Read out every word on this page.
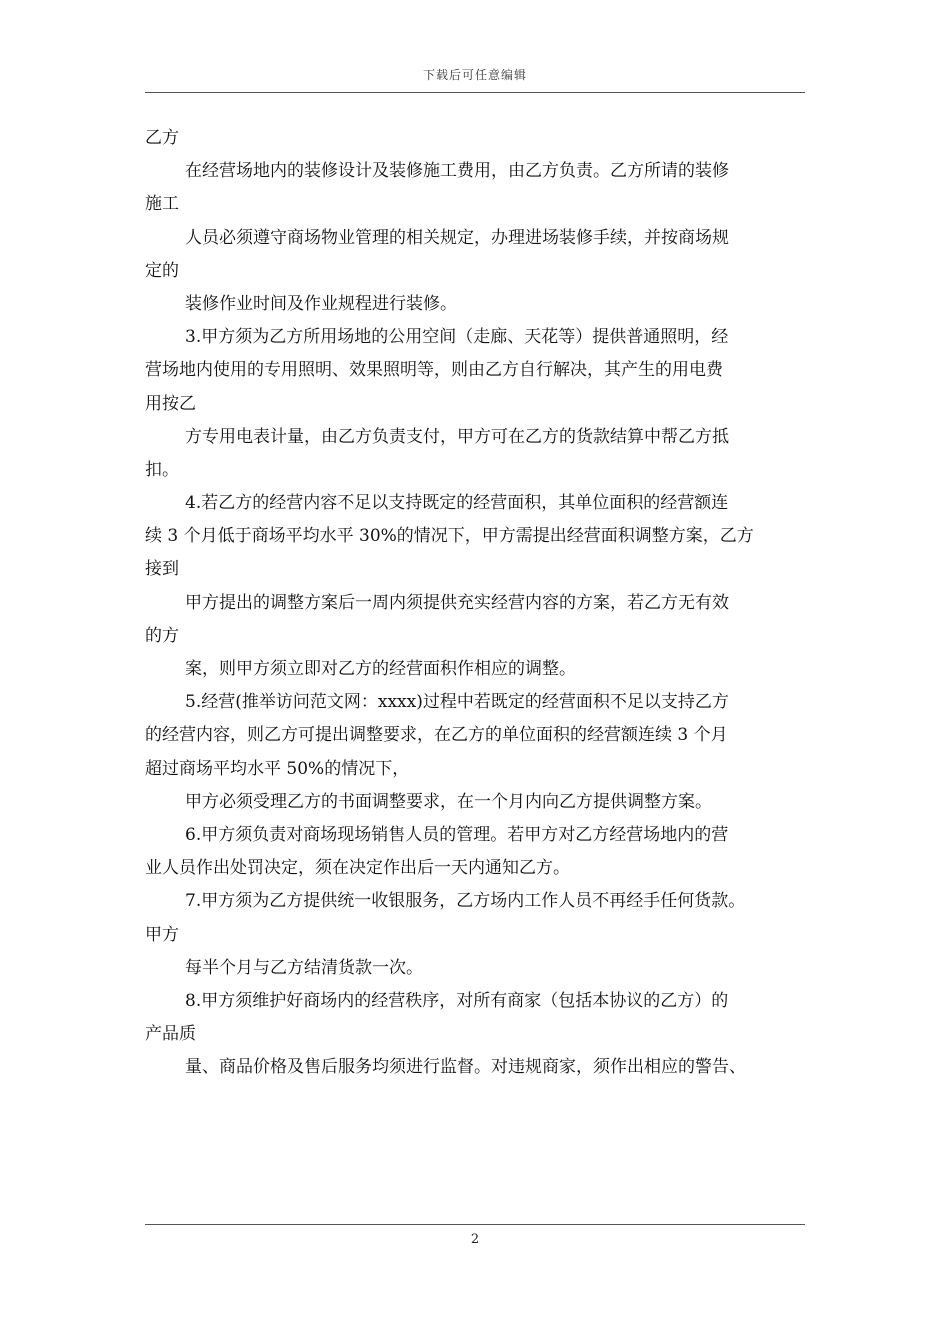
下载后可任意编辑
乙方
在经营场地内的装修设计及装修施工费用，由乙方负责。乙方所请的装修
施工
人员必须遵守商场物业管理的相关规定，办理进场装修手续，并按商场规
定的
装修作业时间及作业规程进行装修。
3.甲方须为乙方所用场地的公用空间（走廊、天花等）提供普通照明，经
营场地内使用的专用照明、效果照明等，则由乙方自行解决，其产生的用电费
用按乙
方专用电表计量，由乙方负责支付，甲方可在乙方的货款结算中帮乙方抵
扣。
4.若乙方的经营内容不足以支持既定的经营面积，其单位面积的经营额连
续 3 个月低于商场平均水平 30%的情况下，甲方需提出经营面积调整方案，乙方
接到
甲方提出的调整方案后一周内须提供充实经营内容的方案，若乙方无有效
的方
案，则甲方须立即对乙方的经营面积作相应的调整。
5.经营(推举访问范文网：xxxx)过程中若既定的经营面积不足以支持乙方
的经营内容，则乙方可提出调整要求，在乙方的单位面积的经营额连续 3 个月
超过商场平均水平 50%的情况下，
甲方必须受理乙方的书面调整要求，在一个月内向乙方提供调整方案。
6.甲方须负责对商场现场销售人员的管理。若甲方对乙方经营场地内的营
业人员作出处罚决定，须在决定作出后一天内通知乙方。
7.甲方须为乙方提供统一收银服务，乙方场内工作人员不再经手任何货款。
甲方
每半个月与乙方结清货款一次。
8.甲方须维护好商场内的经营秩序，对所有商家（包括本协议的乙方）的
产品质
量、商品价格及售后服务均须进行监督。对违规商家，须作出相应的警告、
2
